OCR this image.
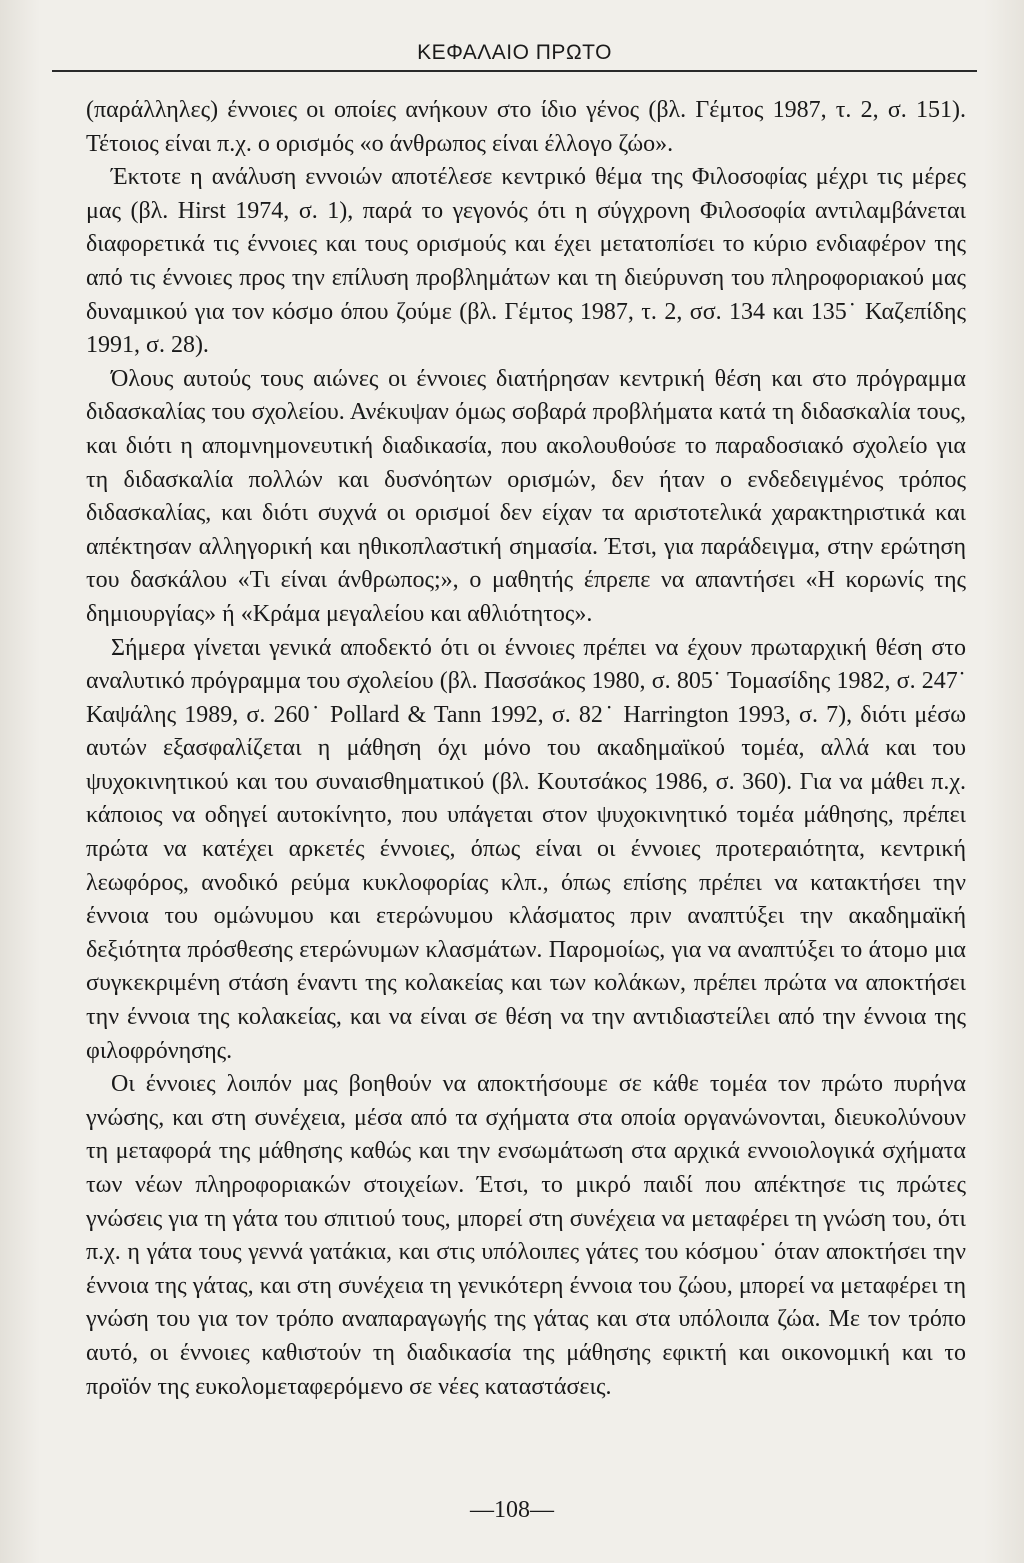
ΚΕΦΑΛΑΙΟ ΠΡΩΤΟ

(παράλληλες) έννοιες οι οποίες ανήκουν στο ίδιο γένος (βλ. Γέμτος 1987, τ. 2, σ. 151). Τέτοιος είναι π.χ. ο ορισμός «ο άνθρωπος είναι έλλογο ζώο».

Έκτοτε η ανάλυση εννοιών αποτέλεσε κεντρικό θέμα της Φιλοσοφίας μέχρι τις μέρες μας (βλ. Hirst 1974, σ. 1), παρά το γεγονός ότι η σύγχρονη Φιλοσοφία αντιλαμβάνεται διαφορετικά τις έννοιες και τους ορισμούς και έχει μετατοπίσει το κύριο ενδιαφέρον της από τις έννοιες προς την επίλυση προβλημάτων και τη διεύρυνση του πληροφοριακού μας δυναμικού για τον κόσμο όπου ζούμε (βλ. Γέμτος 1987, τ. 2, σσ. 134 και 135˙ Καζεπίδης 1991, σ. 28).

Όλους αυτούς τους αιώνες οι έννοιες διατήρησαν κεντρική θέση και στο πρόγραμμα διδασκαλίας του σχολείου. Ανέκυψαν όμως σοβαρά προβλήματα κατά τη διδασκαλία τους, και διότι η απομνημονευτική διαδικασία, που ακολουθούσε το παραδοσιακό σχολείο για τη διδασκαλία πολλών και δυσνόητων ορισμών, δεν ήταν ο ενδεδειγμένος τρόπος διδασκαλίας, και διότι συχνά οι ορισμοί δεν είχαν τα αριστοτελικά χαρακτηριστικά και απέκτησαν αλληγορική και ηθικοπλαστική σημασία. Έτσι, για παράδειγμα, στην ερώτηση του δασκάλου «Τι είναι άνθρωπος;», ο μαθητής έπρεπε να απαντήσει «Η κορωνίς της δημιουργίας» ή «Κράμα μεγαλείου και αθλιότητος».

Σήμερα γίνεται γενικά αποδεκτό ότι οι έννοιες πρέπει να έχουν πρωταρχική θέση στο αναλυτικό πρόγραμμα του σχολείου (βλ. Πασσάκος 1980, σ. 805˙ Τομασίδης 1982, σ. 247˙ Καψάλης 1989, σ. 260˙ Pollard & Tann 1992, σ. 82˙ Harrington 1993, σ. 7), διότι μέσω αυτών εξασφαλίζεται η μάθηση όχι μόνο του ακαδημαϊκού τομέα, αλλά και του ψυχοκινητικού και του συναισθηματικού (βλ. Κουτσάκος 1986, σ. 360). Για να μάθει π.χ. κάποιος να οδηγεί αυτοκίνητο, που υπάγεται στον ψυχοκινητικό τομέα μάθησης, πρέπει πρώτα να κατέχει αρκετές έννοιες, όπως είναι οι έννοιες προτεραιότητα, κεντρική λεωφόρος, ανοδικό ρεύμα κυκλοφορίας κλπ., όπως επίσης πρέπει να κατακτήσει την έννοια του ομώνυμου και ετερώνυμου κλάσματος πριν αναπτύξει την ακαδημαϊκή δεξιότητα πρόσθεσης ετερώνυμων κλασμάτων. Παρομοίως, για να αναπτύξει το άτομο μια συγκεκριμένη στάση έναντι της κολακείας και των κολάκων, πρέπει πρώτα να αποκτήσει την έννοια της κολακείας, και να είναι σε θέση να την αντιδιαστείλει από την έννοια της φιλοφρόνησης.

Οι έννοιες λοιπόν μας βοηθούν να αποκτήσουμε σε κάθε τομέα τον πρώτο πυρήνα γνώσης, και στη συνέχεια, μέσα από τα σχήματα στα οποία οργανώνονται, διευκολύνουν τη μεταφορά της μάθησης καθώς και την ενσωμάτωση στα αρχικά εννοιολογικά σχήματα των νέων πληροφοριακών στοιχείων. Έτσι, το μικρό παιδί που απέκτησε τις πρώτες γνώσεις για τη γάτα του σπιτιού τους, μπορεί στη συνέχεια να μεταφέρει τη γνώση του, ότι π.χ. η γάτα τους γεννά γατάκια, και στις υπόλοιπες γάτες του κόσμου˙ όταν αποκτήσει την έννοια της γάτας, και στη συνέχεια τη γενικότερη έννοια του ζώου, μπορεί να μεταφέρει τη γνώση του για τον τρόπο αναπαραγωγής της γάτας και στα υπόλοιπα ζώα. Με τον τρόπο αυτό, οι έννοιες καθιστούν τη διαδικασία της μάθησης εφικτή και οικονομική και το προϊόν της ευκολομεταφερόμενο σε νέες καταστάσεις.

—108—
